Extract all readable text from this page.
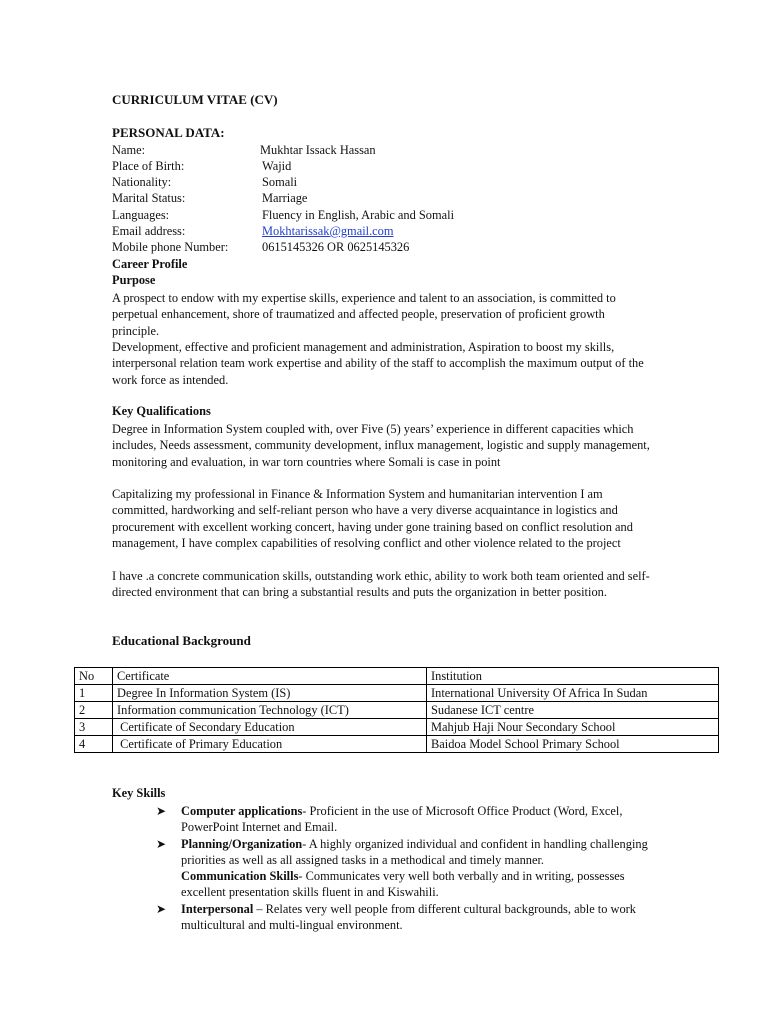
CURRICULUM VITAE (CV)
PERSONAL DATA:
Name:	Mukhtar Issack Hassan
Place of Birth:	Wajid
Nationality:	Somali
Marital Status:	Marriage
Languages:	Fluency in English, Arabic and Somali
Email address:	Mokhtarissak@gmail.com
Mobile phone Number:	0615145326 OR 0625145326
Career Profile
Purpose
A prospect to endow with my expertise skills, experience and talent to an association, is committed to perpetual enhancement, shore of traumatized and affected people, preservation of proficient growth principle.
Development, effective and proficient management and administration, Aspiration to boost my skills, interpersonal relation team work expertise and ability of the staff to accomplish the maximum output of the work force as intended.
Key Qualifications
Degree in Information System coupled with, over Five (5) years’ experience in different capacities which includes, Needs assessment, community development, influx management, logistic and supply management, monitoring and evaluation, in war torn countries where Somali is case in point
Capitalizing my professional in Finance & Information System and humanitarian intervention I am committed, hardworking and self-reliant person who have a very diverse acquaintance in logistics and procurement with excellent working concert, having under gone training based on conflict resolution and management, I have complex capabilities of resolving conflict and other violence related to the project
I have .a concrete communication skills, outstanding work ethic, ability to work both team oriented and self-directed environment that can bring a substantial results and puts the organization in better position.
Educational Background
No	Certificate	Institution
1	Degree In Information System (IS)	International University Of Africa In Sudan
2	Information communication Technology (ICT)	Sudanese ICT centre
3	Certificate of Secondary Education	Mahjub Haji Nour Secondary School
4	Certificate of Primary Education	Baidoa Model School Primary School
Key Skills
➤ Computer applications- Proficient in the use of Microsoft Office Product (Word, Excel, PowerPoint Internet and Email.
➤ Planning/Organization- A highly organized individual and confident in handling challenging priorities as well as all assigned tasks in a methodical and timely manner.
Communication Skills- Communicates very well both verbally and in writing, possesses excellent presentation skills fluent in and Kiswahili.
➤ Interpersonal – Relates very well people from different cultural backgrounds, able to work multicultural and multi-lingual environment.
